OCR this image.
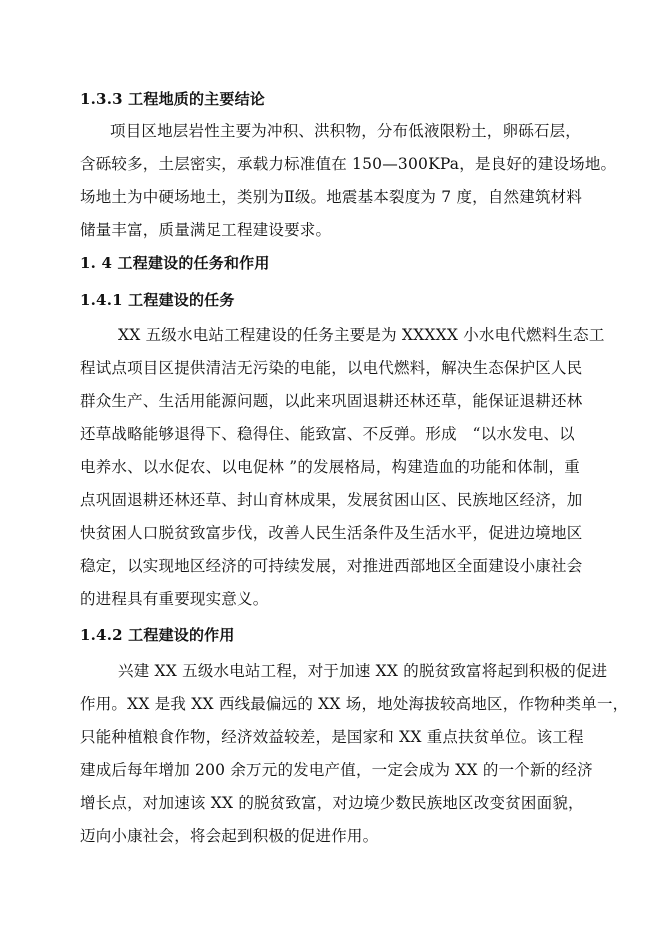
1.3.3 工程地质的主要结论
项目区地层岩性主要为冲积、洪积物，分布低液限粉土，卵砾石层，
含砾较多，土层密实，承载力标准值在 150—300KPa，是良好的建设场地。
场地土为中硬场地土，类别为Ⅱ级。地震基本裂度为 7 度，自然建筑材料
储量丰富，质量满足工程建设要求。
1. 4 工程建设的任务和作用
1.4.1 工程建设的任务
XX 五级水电站工程建设的任务主要是为 XXXXX 小水电代燃料生态工
程试点项目区提供清洁无污染的电能，以电代燃料，解决生态保护区人民
群众生产、生活用能源问题，以此来巩固退耕还林还草，能保证退耕还林
还草战略能够退得下、稳得住、能致富、不反弹。形成　“以水发电、以
电养水、以水促农、以电促林 ”的发展格局，构建造血的功能和体制，重
点巩固退耕还林还草、封山育林成果，发展贫困山区、民族地区经济，加
快贫困人口脱贫致富步伐，改善人民生活条件及生活水平，促进边境地区
稳定，以实现地区经济的可持续发展，对推进西部地区全面建设小康社会
的进程具有重要现实意义。
1.4.2 工程建设的作用
兴建 XX 五级水电站工程，对于加速 XX 的脱贫致富将起到积极的促进
作用。XX 是我 XX 西线最偏远的 XX 场，地处海拔较高地区，作物种类单一，
只能种植粮食作物，经济效益较差，是国家和 XX 重点扶贫单位。该工程
建成后每年增加 200 余万元的发电产值，一定会成为 XX 的一个新的经济
增长点，对加速该 XX 的脱贫致富，对边境少数民族地区改变贫困面貌，
迈向小康社会，将会起到积极的促进作用。
